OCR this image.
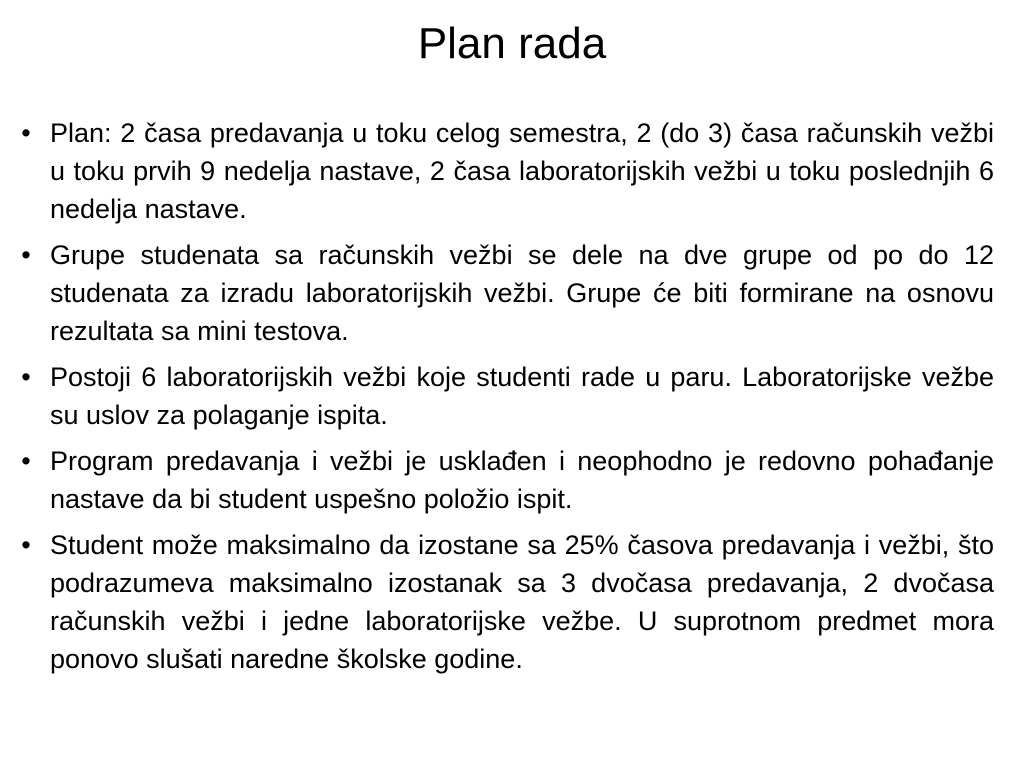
Plan rada
• Plan: 2 časa predavanja u toku celog semestra, 2 (do 3) časa računskih vežbi u toku prvih 9 nedelja nastave, 2 časa laboratorijskih vežbi u toku poslednjih 6 nedelja nastave.
• Grupe studenata sa računskih vežbi se dele na dve grupe od po do 12 studenata za izradu laboratorijskih vežbi. Grupe će biti formirane na osnovu rezultata sa mini testova.
• Postoji 6 laboratorijskih vežbi koje studenti rade u paru. Laboratorijske vežbe su uslov za polaganje ispita.
• Program predavanja i vežbi je usklađen i neophodno je redovno pohađanje nastave da bi student uspešno položio ispit.
• Student može maksimalno da izostane sa 25% časova predavanja i vežbi, što podrazumeva maksimalno izostanak sa 3 dvočasa predavanja, 2 dvočasa računskih vežbi i jedne laboratorijske vežbe. U suprotnom predmet mora ponovo slušati naredne školske godine.
